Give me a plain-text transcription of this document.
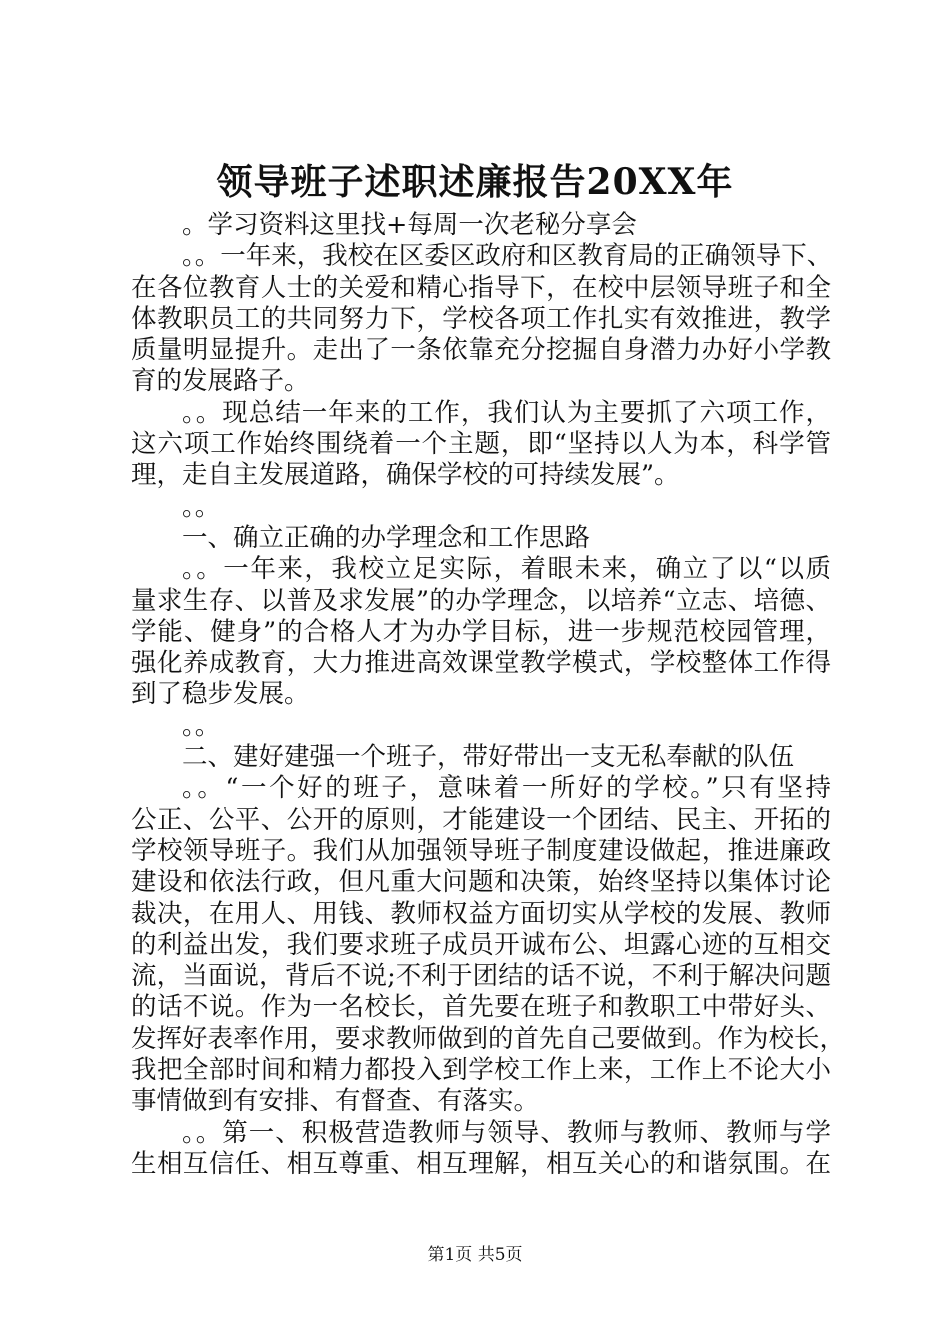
领导班子述职述廉报告20XX年
。学习资料这里找+每周一次老秘分享会
。。一年来，我校在区委区政府和区教育局的正确领导下、
在各位教育人士的关爱和精心指导下，在校中层领导班子和全
体教职员工的共同努力下，学校各项工作扎实有效推进，教学
质量明显提升。走出了一条依靠充分挖掘自身潜力办好小学教
育的发展路子。
。。现总结一年来的工作，我们认为主要抓了六项工作，
这六项工作始终围绕着一个主题，即“坚持以人为本，科学管
理，走自主发展道路，确保学校的可持续发展”。
。。
一、确立正确的办学理念和工作思路
。。一年来，我校立足实际，着眼未来，确立了以“以质
量求生存、以普及求发展”的办学理念，以培养“立志、培德、
学能、健身”的合格人才为办学目标，进一步规范校园管理，
强化养成教育，大力推进高效课堂教学模式，学校整体工作得
到了稳步发展。
。。
二、建好建强一个班子，带好带出一支无私奉献的队伍
。。“一个好的班子，意味着一所好的学校。”只有坚持
公正、公平、公开的原则，才能建设一个团结、民主、开拓的
学校领导班子。我们从加强领导班子制度建设做起，推进廉政
建设和依法行政，但凡重大问题和决策，始终坚持以集体讨论
裁决，在用人、用钱、教师权益方面切实从学校的发展、教师
的利益出发，我们要求班子成员开诚布公、坦露心迹的互相交
流，当面说，背后不说;不利于团结的话不说，不利于解决问题
的话不说。作为一名校长，首先要在班子和教职工中带好头、
发挥好表率作用，要求教师做到的首先自己要做到。作为校长，
我把全部时间和精力都投入到学校工作上来，工作上不论大小
事情做到有安排、有督查、有落实。
。。第一、积极营造教师与领导、教师与教师、教师与学
生相互信任、相互尊重、相互理解，相互关心的和谐氛围。在
第1页 共5页
